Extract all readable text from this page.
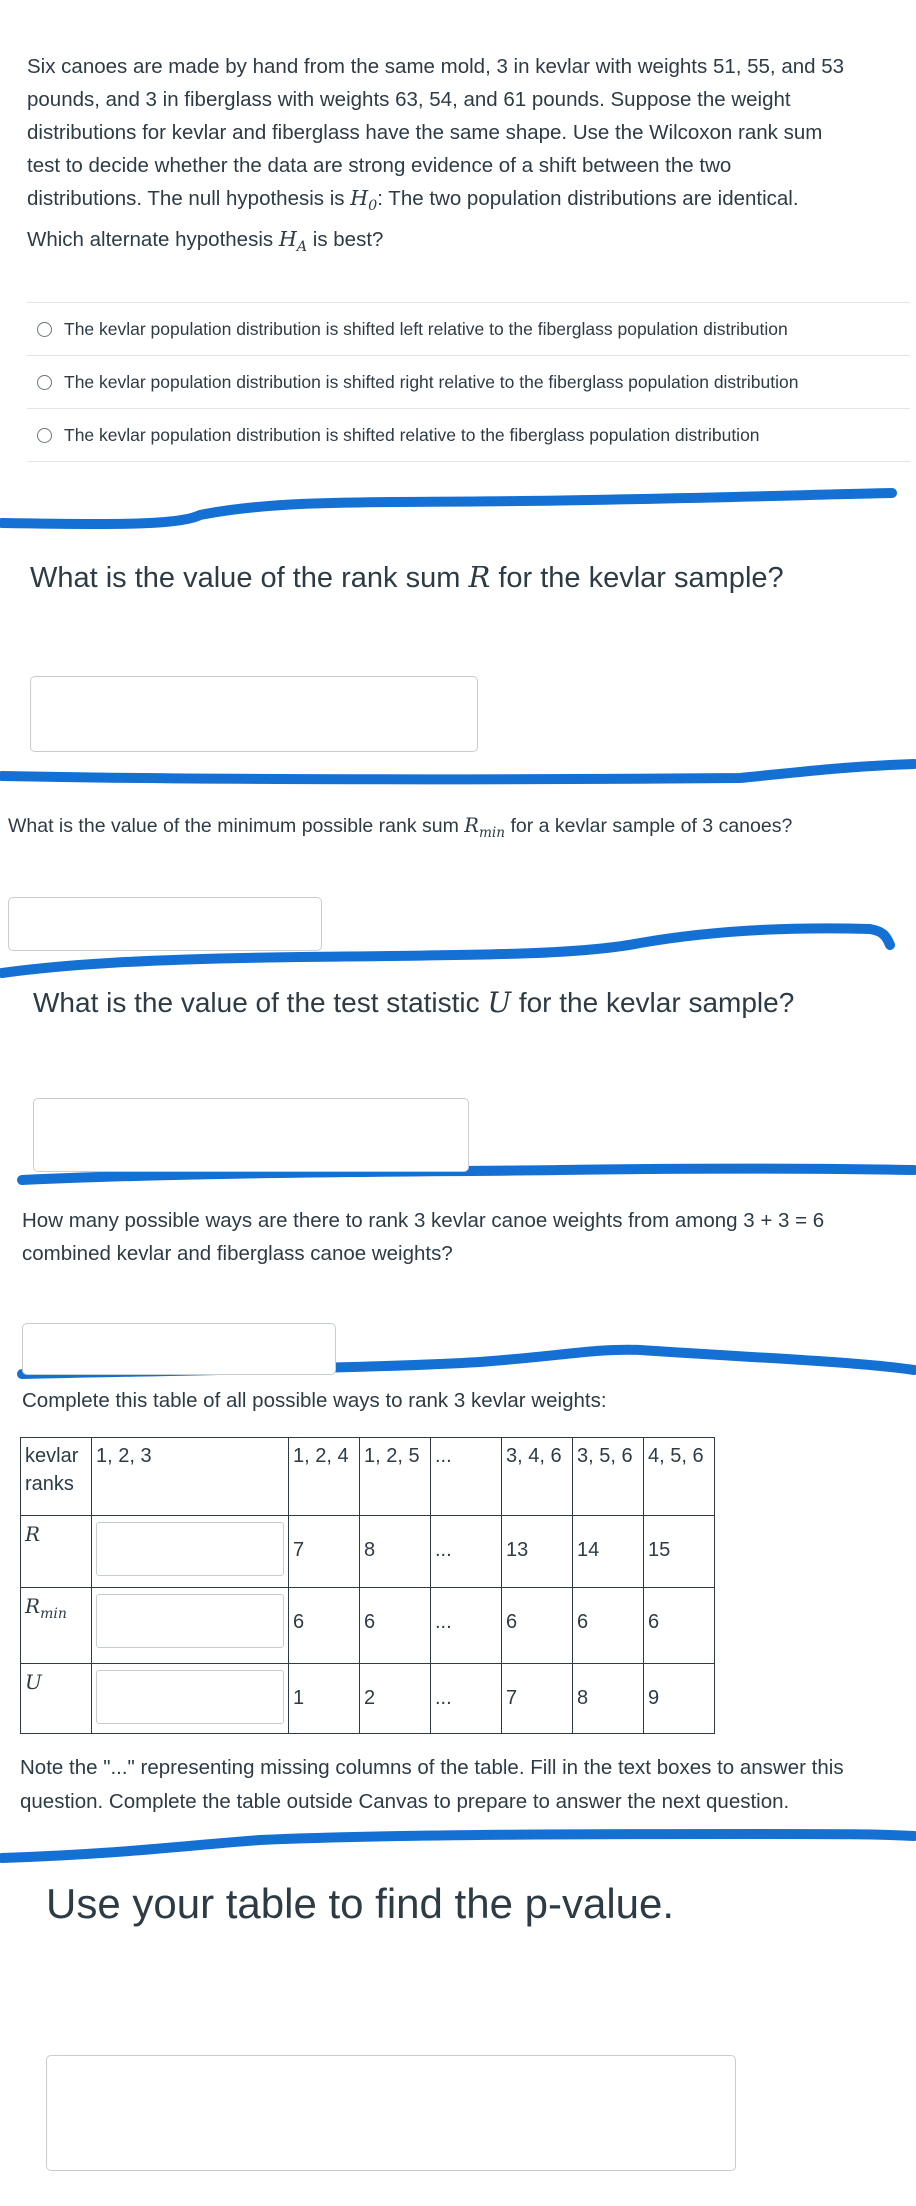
Six canoes are made by hand from the same mold, 3 in kevlar with weights 51, 55, and 53
pounds, and 3 in fiberglass with weights 63, 54, and 61 pounds. Suppose the weight
distributions for kevlar and fiberglass have the same shape. Use the Wilcoxon rank sum
test to decide whether the data are strong evidence of a shift between the two
distributions. The null hypothesis is $H_0$: The two population distributions are identical.
Which alternate hypothesis $H_A$ is best?
The kevlar population distribution is shifted left relative to the fiberglass population distribution
The kevlar population distribution is shifted right relative to the fiberglass population distribution
The kevlar population distribution is shifted relative to the fiberglass population distribution
What is the value of the rank sum R for the kevlar sample?
What is the value of the minimum possible rank sum $R_{min}$ for a kevlar sample of 3 canoes?
What is the value of the test statistic U for the kevlar sample?
How many possible ways are there to rank 3 kevlar canoe weights from among 3 + 3 = 6
combined kevlar and fiberglass canoe weights?
Complete this table of all possible ways to rank 3 kevlar weights:
kevlar
ranks	1, 2, 3	1, 2, 4	1, 2, 5	...	3, 4, 6	3, 5, 6	4, 5, 6
R		7	8	...	13	14	15
$R_{min}$		6	6	...	6	6	6
U		1	2	...	7	8	9
Note the "..." representing missing columns of the table. Fill in the text boxes to answer this
question. Complete the table outside Canvas to prepare to answer the next question.
Use your table to find the p-value.
